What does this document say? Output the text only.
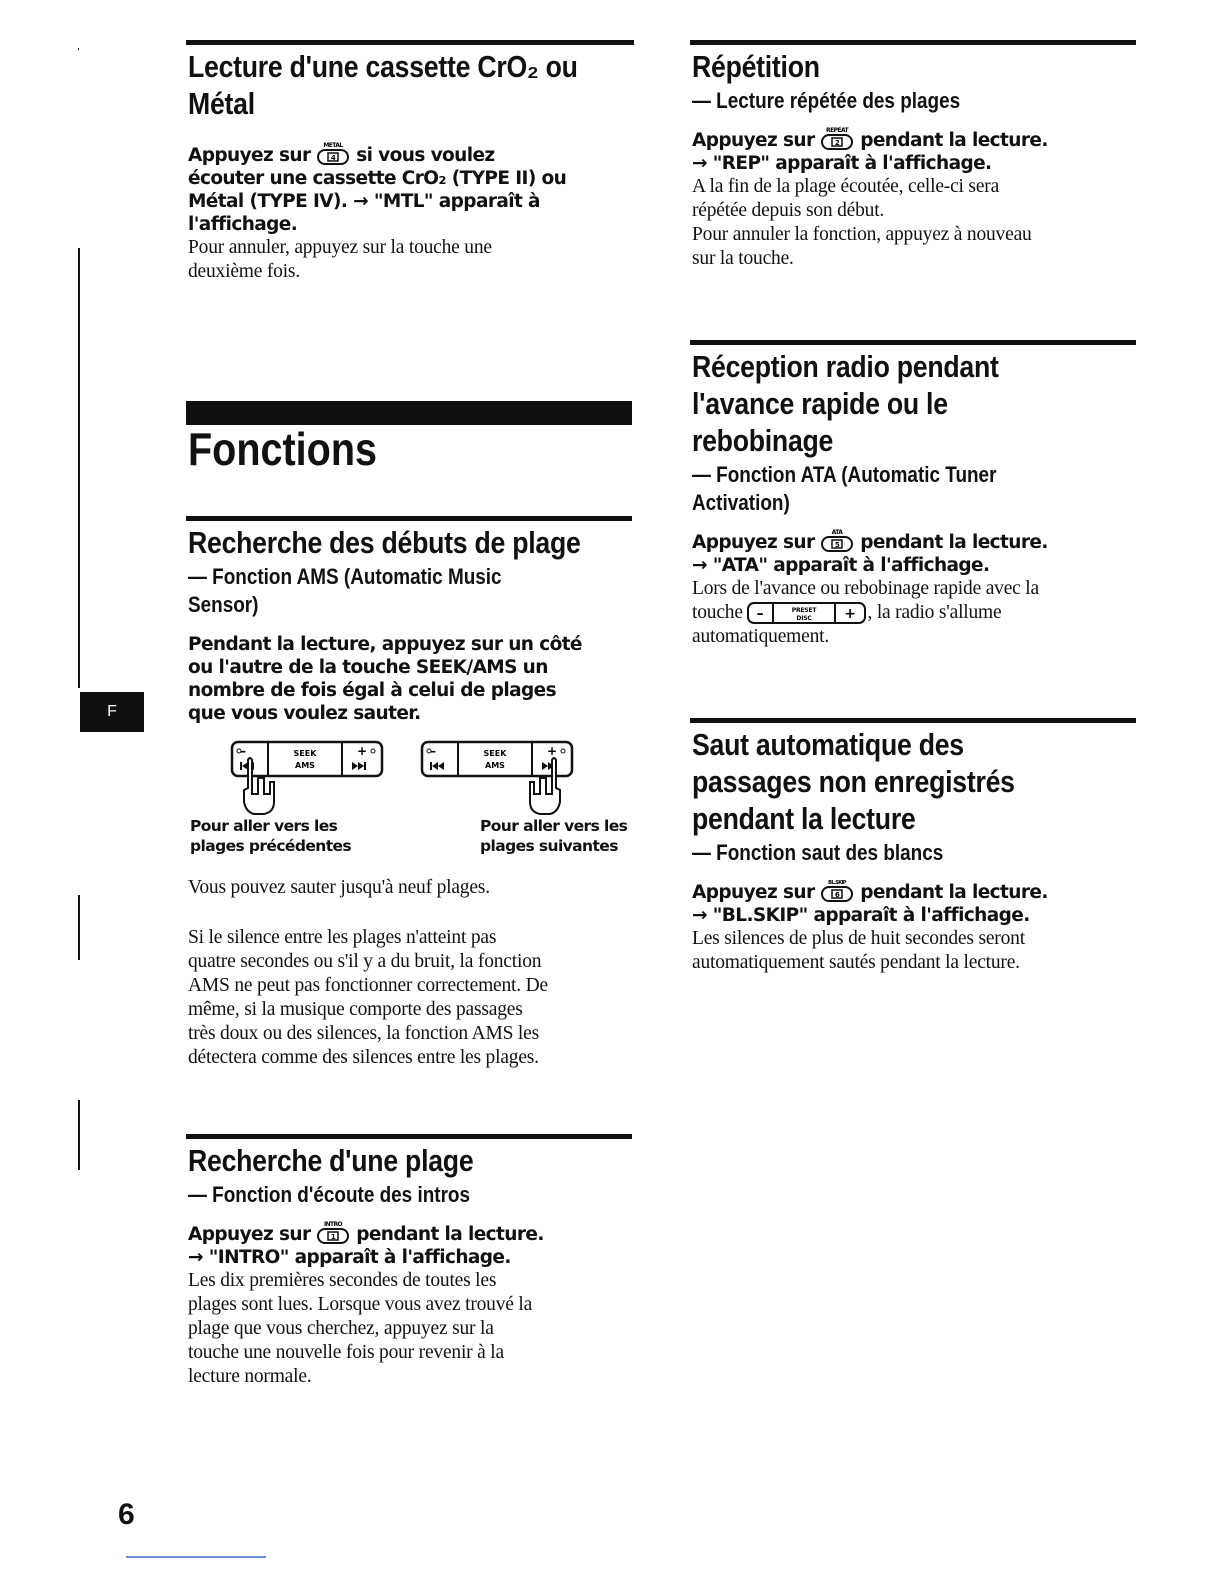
F
Lecture d'une cassette CrO₂ ou
Métal
Appuyez sur METAL
4 si vous voulez
écouter une cassette CrO₂ (TYPE II) ou
Métal (TYPE IV). → "MTL" apparaît à
l'affichage.
Pour annuler, appuyez sur la touche une
deuxième fois.
Fonctions
Recherche des débuts de plage
— Fonction AMS (Automatic Music
Sensor)
Pendant la lecture, appuyez sur un côté
ou l'autre de la touche SEEK/AMS un
nombre de fois égal à celui de plages
que vous voulez sauter.
–	+
SEEK
AMS
–	+
SEEK
AMS
Pour aller vers les
plages précédentes
Pour aller vers les
plages suivantes
Vous pouvez sauter jusqu'à neuf plages.
Si le silence entre les plages n'atteint pas
quatre secondes ou s'il y a du bruit, la fonction
AMS ne peut pas fonctionner correctement. De
même, si la musique comporte des passages
très doux ou des silences, la fonction AMS les
détectera comme des silences entre les plages.
Recherche d'une plage
— Fonction d'écoute des intros
Appuyez sur INTRO
1 pendant la lecture.
→ "INTRO" apparaît à l'affichage.
Les dix premières secondes de toutes les
plages sont lues. Lorsque vous avez trouvé la
plage que vous cherchez, appuyez sur la
touche une nouvelle fois pour revenir à la
lecture normale.
Répétition
— Lecture répétée des plages
Appuyez sur REPEAT
2 pendant la lecture.
→ "REP" apparaît à l'affichage.
A la fin de la plage écoutée, celle-ci sera
répétée depuis son début.
Pour annuler la fonction, appuyez à nouveau
sur la touche.
Réception radio pendant
l'avance rapide ou le
rebobinage
— Fonction ATA (Automatic Tuner
Activation)
Appuyez sur	ATA
5 pendant la lecture.
→ "ATA" apparaît à l'affichage.
Lors de l'avance ou rebobinage rapide avec la
touche –	+
PRESET
DISC	, la radio s'allume
automatiquement.
Saut automatique des
passages non enregistrés
pendant la lecture
— Fonction saut des blancs
Appuyez sur	BL.SKIP
6 pendant la lecture.
→ "BL.SKIP" apparaît à l'affichage.
Les silences de plus de huit secondes seront
automatiquement sautés pendant la lecture.
6
